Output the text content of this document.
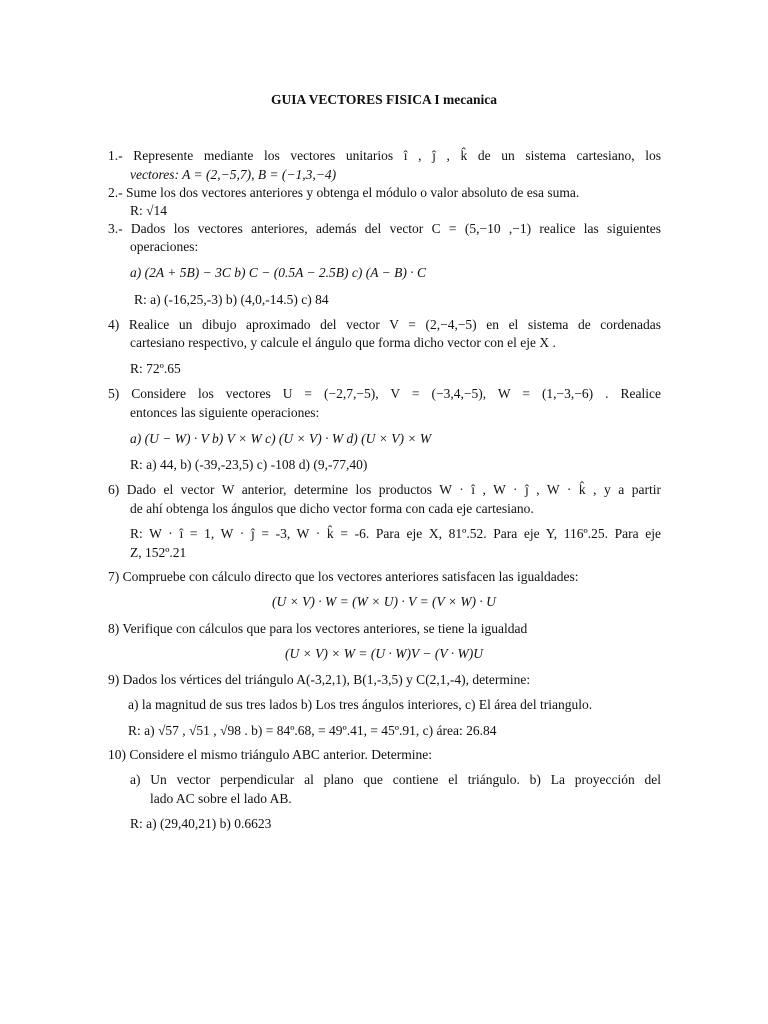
GUIA VECTORES FISICA I mecanica
1.- Represente mediante los vectores unitarios î , ĵ , k̂ de un sistema cartesiano, los
vectores: A = (2,−5,7), B = (−1,3,−4)
2.- Sume los dos vectores anteriores y obtenga el módulo o valor absoluto de esa suma.
R: √14
3.- Dados los vectores anteriores, además del vector C = (5,−10 ,−1) realice las siguientes
operaciones:
a) (2A + 5B) − 3C b) C − (0.5A − 2.5B) c) (A − B) · C
R: a) (-16,25,-3) b) (4,0,-14.5) c) 84
4) Realice un dibujo aproximado del vector V = (2,−4,−5) en el sistema de cordenadas
cartesiano respectivo, y calcule el ángulo que forma dicho vector con el eje X .
R: 72º.65
5) Considere los vectores U = (−2,7,−5), V = (−3,4,−5), W = (1,−3,−6) . Realice
entonces las siguiente operaciones:
a) (U − W) · V b) V × W c) (U × V) · W d) (U × V) × W
R: a) 44, b) (-39,-23,5) c) -108 d) (9,-77,40)
6) Dado el vector W anterior, determine los productos W · î , W · ĵ , W · k̂ , y a partir
de ahí obtenga los ángulos que dicho vector forma con cada eje cartesiano.
R: W · î = 1, W · ĵ = -3, W · k̂ = -6. Para eje X, 81º.52. Para eje Y, 116º.25. Para eje
Z, 152º.21
7) Compruebe con cálculo directo que los vectores anteriores satisfacen las igualdades:
(U × V) · W = (W × U) · V = (V × W) · U
8) Verifique con cálculos que para los vectores anteriores, se tiene la igualdad
(U × V) × W = (U · W)V − (V · W)U
9) Dados los vértices del triángulo A(-3,2,1), B(1,-3,5) y C(2,1,-4), determine:
a) la magnitud de sus tres lados b) Los tres ángulos interiores, c) El área del triangulo.
R: a) √57 , √51 , √98 . b) = 84º.68, = 49º.41, = 45º.91, c) área: 26.84
10) Considere el mismo triángulo ABC anterior. Determine:
a) Un vector perpendicular al plano que contiene el triángulo. b) La proyección del
lado AC sobre el lado AB.
R: a) (29,40,21) b) 0.6623
